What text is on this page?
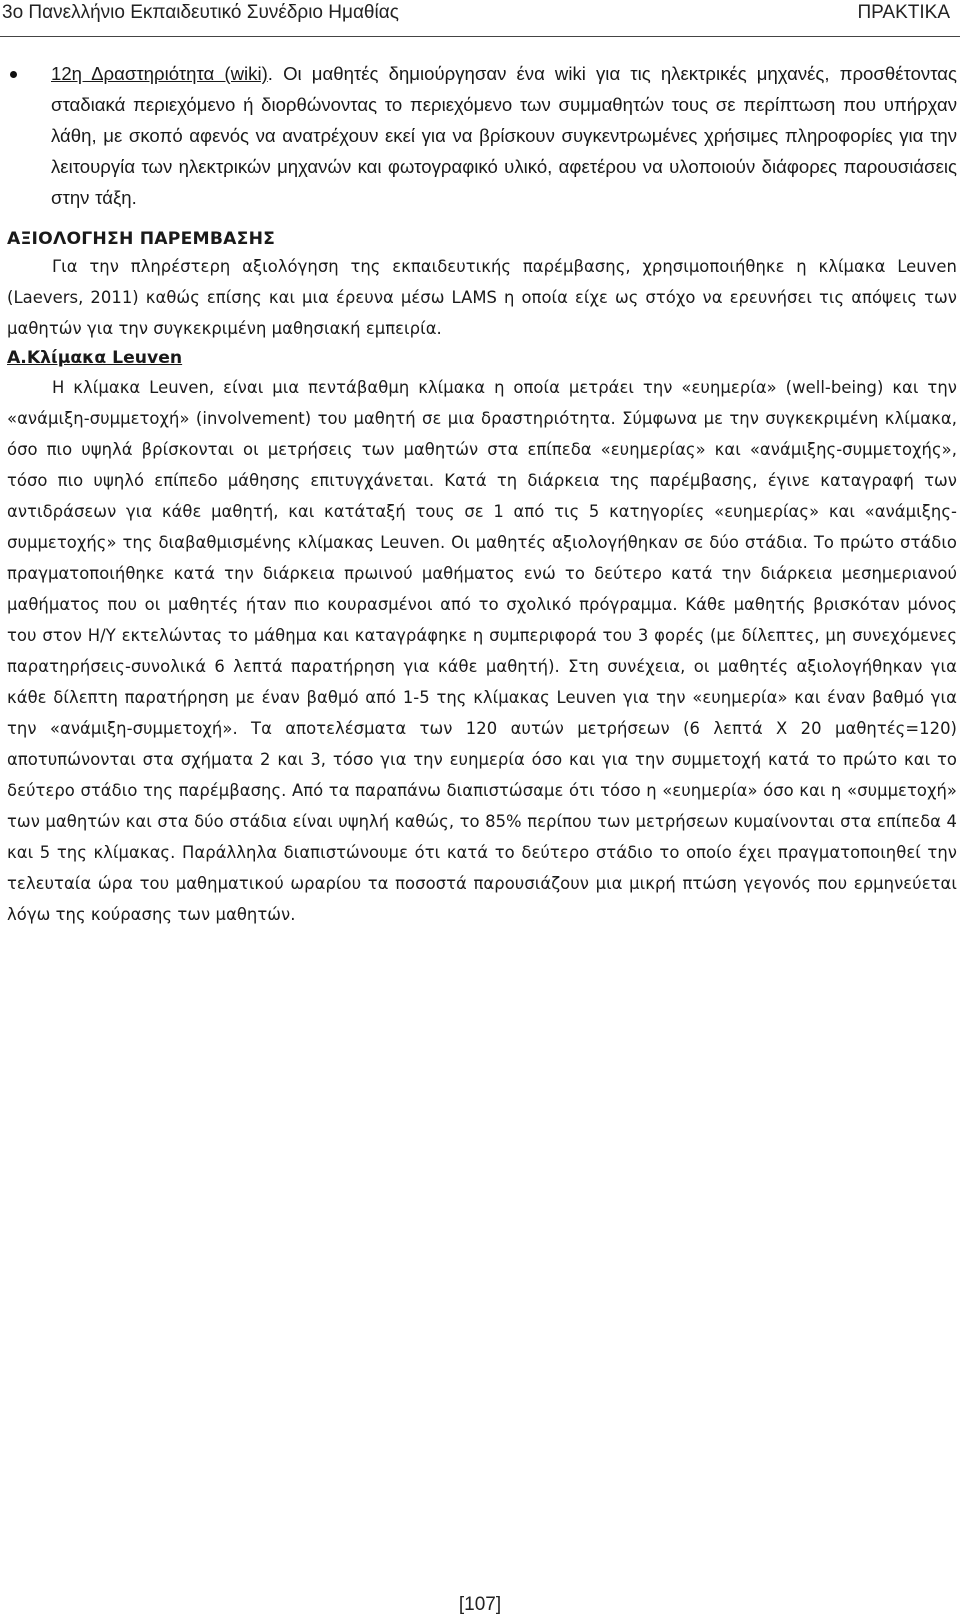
3ο Πανελλήνιο Εκπαιδευτικό Συνέδριο Ημαθίας	ΠΡΑΚΤΙΚΑ
12η Δραστηριότητα (wiki). Οι μαθητές δημιούργησαν ένα wiki για τις ηλεκτρικές μηχανές, προσθέτοντας σταδιακά περιεχόμενο ή διορθώνοντας το περιεχόμενο των συμμαθητών τους σε περίπτωση που υπήρχαν λάθη, με σκοπό αφενός να ανατρέχουν εκεί για να βρίσκουν συγκεντρωμένες χρήσιμες πληροφορίες για την λειτουργία των ηλεκτρικών μηχανών και φωτογραφικό υλικό, αφετέρου να υλοποιούν διάφορες παρουσιάσεις στην τάξη.
ΑΞΙΟΛΟΓΗΣΗ ΠΑΡΕΜΒΑΣΗΣ
Για την πληρέστερη αξιολόγηση της εκπαιδευτικής παρέμβασης, χρησιμοποιήθηκε η κλίμακα Leuven (Laevers, 2011) καθώς επίσης και μια έρευνα μέσω LAMS η οποία είχε ως στόχο να ερευνήσει τις απόψεις των μαθητών για την συγκεκριμένη μαθησιακή εμπειρία.
Α.Κλίμακα Leuven
Η κλίμακα Leuven, είναι μια πεντάβαθμη κλίμακα η οποία μετράει την «ευημερία» (well-being) και την «ανάμιξη-συμμετοχή» (involvement) του μαθητή σε μια δραστηριότητα. Σύμφωνα με την συγκεκριμένη κλίμακα, όσο πιο υψηλά βρίσκονται οι μετρήσεις των μαθητών στα επίπεδα «ευημερίας» και «ανάμιξης-συμμετοχής», τόσο πιο υψηλό επίπεδο μάθησης επιτυγχάνεται. Κατά τη διάρκεια της παρέμβασης, έγινε καταγραφή των αντιδράσεων για κάθε μαθητή, και κατάταξή τους σε 1 από τις 5 κατηγορίες «ευημερίας» και «ανάμιξης-συμμετοχής» της διαβαθμισμένης κλίμακας Leuven. Οι μαθητές αξιολογήθηκαν σε δύο στάδια. Το πρώτο στάδιο πραγματοποιήθηκε κατά την διάρκεια πρωινού μαθήματος ενώ το δεύτερο κατά την διάρκεια μεσημεριανού μαθήματος που οι μαθητές ήταν πιο κουρασμένοι από το σχολικό πρόγραμμα. Κάθε μαθητής βρισκόταν μόνος του στον Η/Υ εκτελώντας το μάθημα και καταγράφηκε η συμπεριφορά του 3 φορές (με δίλεπτες, μη συνεχόμενες παρατηρήσεις-συνολικά 6 λεπτά παρατήρηση για κάθε μαθητή). Στη συνέχεια, οι μαθητές αξιολογήθηκαν για κάθε δίλεπτη παρατήρηση με έναν βαθμό από 1-5 της κλίμακας Leuven για την «ευημερία» και έναν βαθμό για την «ανάμιξη-συμμετοχή». Τα αποτελέσματα των 120 αυτών μετρήσεων (6 λεπτά Χ 20 μαθητές=120) αποτυπώνονται στα σχήματα 2 και 3, τόσο για την ευημερία όσο και για την συμμετοχή κατά το πρώτο και το δεύτερο στάδιο της παρέμβασης. Από τα παραπάνω διαπιστώσαμε ότι τόσο η «ευημερία» όσο και η «συμμετοχή» των μαθητών και στα δύο στάδια είναι υψηλή καθώς, το 85% περίπου των μετρήσεων κυμαίνονται στα επίπεδα 4 και 5 της κλίμακας. Παράλληλα διαπιστώνουμε ότι κατά το δεύτερο στάδιο το οποίο έχει πραγματοποιηθεί την τελευταία ώρα του μαθηματικού ωραρίου τα ποσοστά παρουσιάζουν μια μικρή πτώση γεγονός που ερμηνεύεται λόγω της κούρασης των μαθητών.
[107]
